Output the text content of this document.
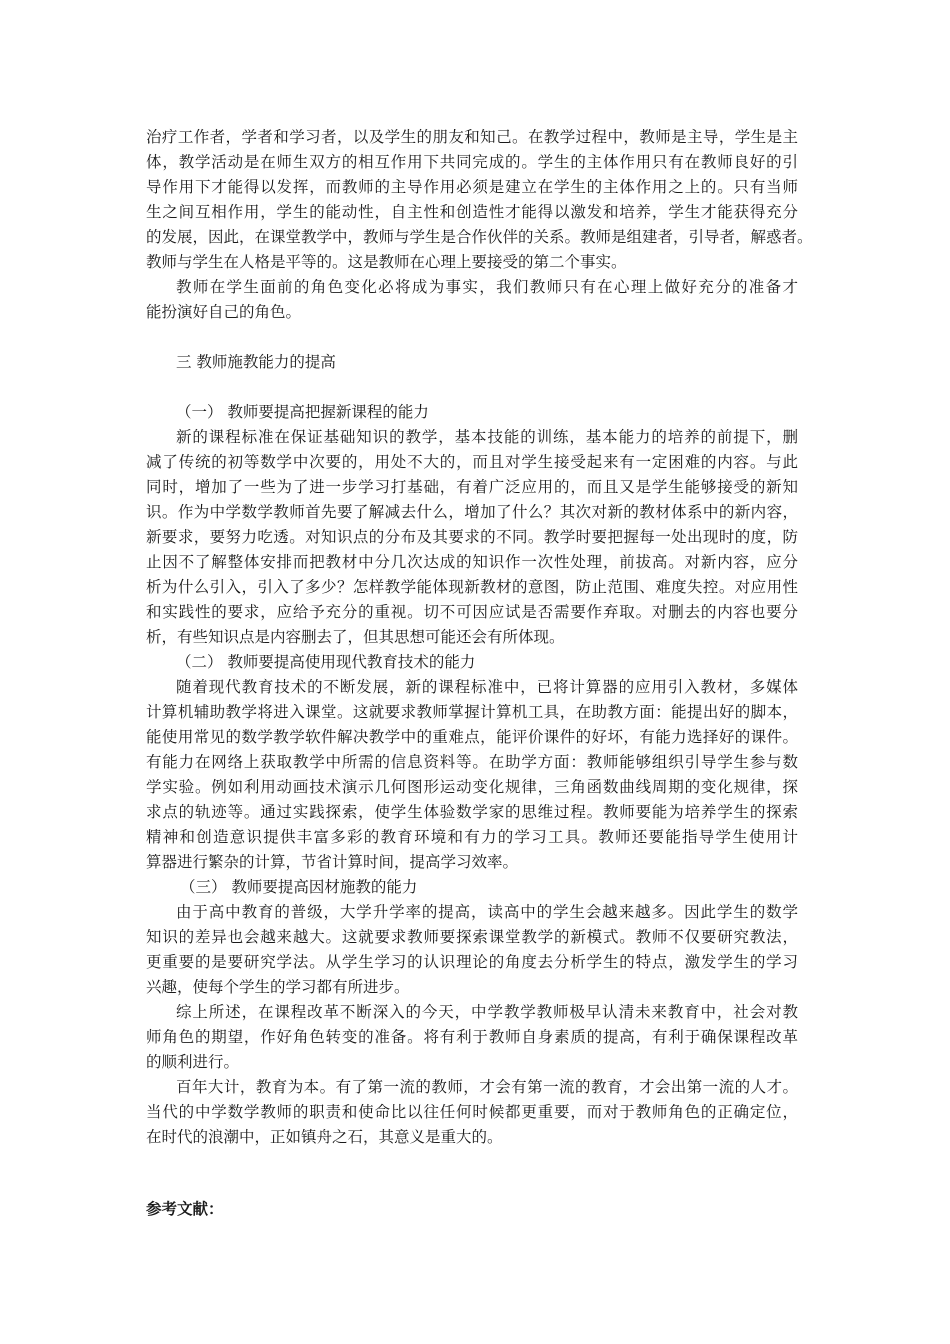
治疗工作者，学者和学习者，以及学生的朋友和知己。在教学过程中，教师是主导，学生是主
体，教学活动是在师生双方的相互作用下共同完成的。学生的主体作用只有在教师良好的引
导作用下才能得以发挥，而教师的主导作用必须是建立在学生的主体作用之上的。只有当师
生之间互相作用，学生的能动性，自主性和创造性才能得以激发和培养，学生才能获得充分
的发展，因此，在课堂教学中，教师与学生是合作伙伴的关系。教师是组建者，引导者，解惑者。
教师与学生在人格是平等的。这是教师在心理上要接受的第二个事实。
教师在学生面前的角色变化必将成为事实，我们教师只有在心理上做好充分的准备才
能扮演好自己的角色。
三 教师施教能力的提高
（一） 教师要提高把握新课程的能力
新的课程标准在保证基础知识的教学，基本技能的训练，基本能力的培养的前提下，删
减了传统的初等数学中次要的，用处不大的，而且对学生接受起来有一定困难的内容。与此
同时，增加了一些为了进一步学习打基础，有着广泛应用的，而且又是学生能够接受的新知
识。作为中学数学教师首先要了解减去什么，增加了什么？其次对新的教材体系中的新内容，
新要求，要努力吃透。对知识点的分布及其要求的不同。教学时要把握每一处出现时的度，防
止因不了解整体安排而把教材中分几次达成的知识作一次性处理，前拔高。对新内容，应分
析为什么引入，引入了多少？怎样教学能体现新教材的意图，防止范围、难度失控。对应用性
和实践性的要求，应给予充分的重视。切不可因应试是否需要作弃取。对删去的内容也要分
析，有些知识点是内容删去了，但其思想可能还会有所体现。
（二） 教师要提高使用现代教育技术的能力
随着现代教育技术的不断发展，新的课程标准中，已将计算器的应用引入教材，多媒体
计算机辅助教学将进入课堂。这就要求教师掌握计算机工具，在助教方面：能提出好的脚本，
能使用常见的数学教学软件解决教学中的重难点，能评价课件的好坏，有能力选择好的课件。
有能力在网络上获取教学中所需的信息资料等。在助学方面：教师能够组织引导学生参与数
学实验。例如利用动画技术演示几何图形运动变化规律，三角函数曲线周期的变化规律，探
求点的轨迹等。通过实践探索，使学生体验数学家的思维过程。教师要能为培养学生的探索
精神和创造意识提供丰富多彩的教育环境和有力的学习工具。教师还要能指导学生使用计
算器进行繁杂的计算，节省计算时间，提高学习效率。
（三） 教师要提高因材施教的能力
由于高中教育的普级，大学升学率的提高，读高中的学生会越来越多。因此学生的数学
知识的差异也会越来越大。这就要求教师要探索课堂教学的新模式。教师不仅要研究教法，
更重要的是要研究学法。从学生学习的认识理论的角度去分析学生的特点，激发学生的学习
兴趣，使每个学生的学习都有所进步。
综上所述，在课程改革不断深入的今天，中学教学教师极早认清未来教育中，社会对教
师角色的期望，作好角色转变的准备。将有利于教师自身素质的提高，有利于确保课程改革
的顺利进行。
百年大计，教育为本。有了第一流的教师，才会有第一流的教育，才会出第一流的人才。
当代的中学数学教师的职责和使命比以往任何时候都更重要，而对于教师角色的正确定位，
在时代的浪潮中，正如镇舟之石，其意义是重大的。
参考文献：
